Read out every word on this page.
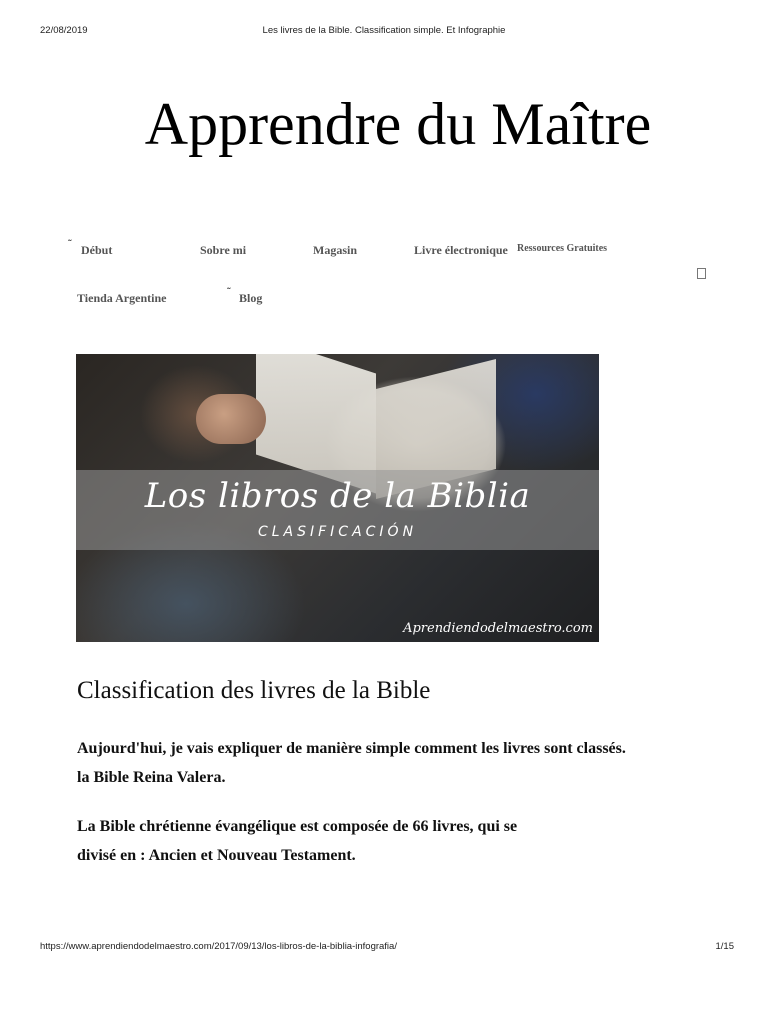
22/08/2019	Les livres de la Bible. Classification simple. Et Infographie
Apprendre du Maître
˜ Début	Sobre mi	Magasin	Livre électronique Ressources Gratuites
Tienda Argentine	˜ Blog
Los libros de la Biblia
CLASIFICACIÓN
Aprendiendodelmaestro.com
Classification des livres de la Bible

Aujourd'hui, je vais expliquer de manière simple comment les livres sont classés.
la Bible Reina Valera.

La Bible chrétienne évangélique est composée de 66 livres, qui se
divisé en : Ancien et Nouveau Testament.

https://www.aprendiendodelmaestro.com/2017/09/13/los-libros-de-la-biblia-infografia/	1/15
